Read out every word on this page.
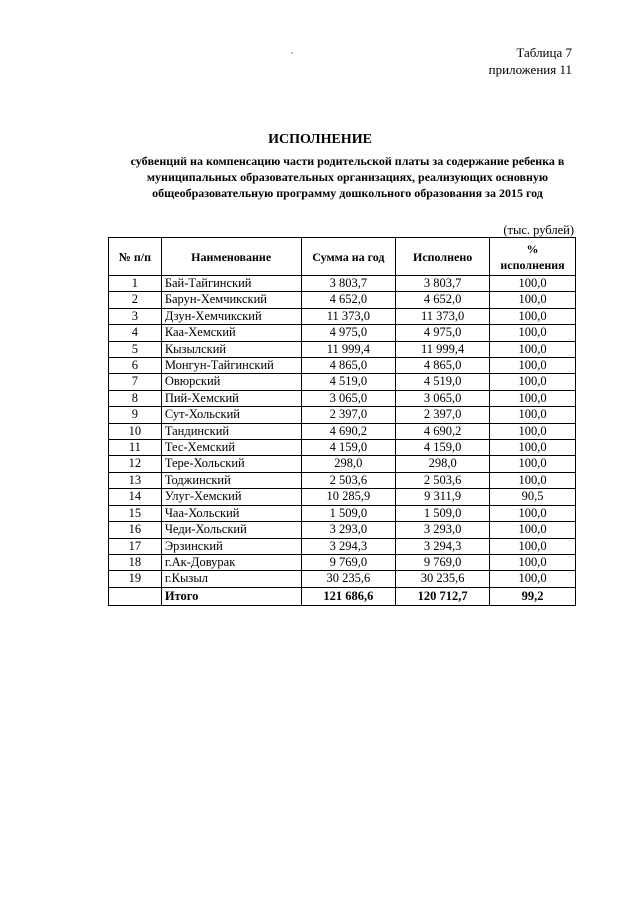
Таблица 7
приложения 11
ИСПОЛНЕНИЕ
субвенций на компенсацию части родительской платы за содержание ребенка в
муниципальных образовательных организациях, реализующих основную
общеобразовательную программу дошкольного образования за 2015 год
(тыс. рублей)
№ п/п	Наименование	Сумма на год	Исполнено	% исполнения
1	Бай-Тайгинский	3 803,7	3 803,7	100,0
2	Барун-Хемчикский	4 652,0	4 652,0	100,0
3	Дзун-Хемчикский	11 373,0	11 373,0	100,0
4	Каа-Хемский	4 975,0	4 975,0	100,0
5	Кызылский	11 999,4	11 999,4	100,0
6	Монгун-Тайгинский	4 865,0	4 865,0	100,0
7	Овюрский	4 519,0	4 519,0	100,0
8	Пий-Хемский	3 065,0	3 065,0	100,0
9	Сут-Хольский	2 397,0	2 397,0	100,0
10	Тандинский	4 690,2	4 690,2	100,0
11	Тес-Хемский	4 159,0	4 159,0	100,0
12	Тере-Хольский	298,0	298,0	100,0
13	Тоджинский	2 503,6	2 503,6	100,0
14	Улуг-Хемский	10 285,9	9 311,9	90,5
15	Чаа-Хольский	1 509,0	1 509,0	100,0
16	Чеди-Хольский	3 293,0	3 293,0	100,0
17	Эрзинский	3 294,3	3 294,3	100,0
18	г.Ак-Довурак	9 769,0	9 769,0	100,0
19	г.Кызыл	30 235,6	30 235,6	100,0
	Итого	121 686,6	120 712,7	99,2
